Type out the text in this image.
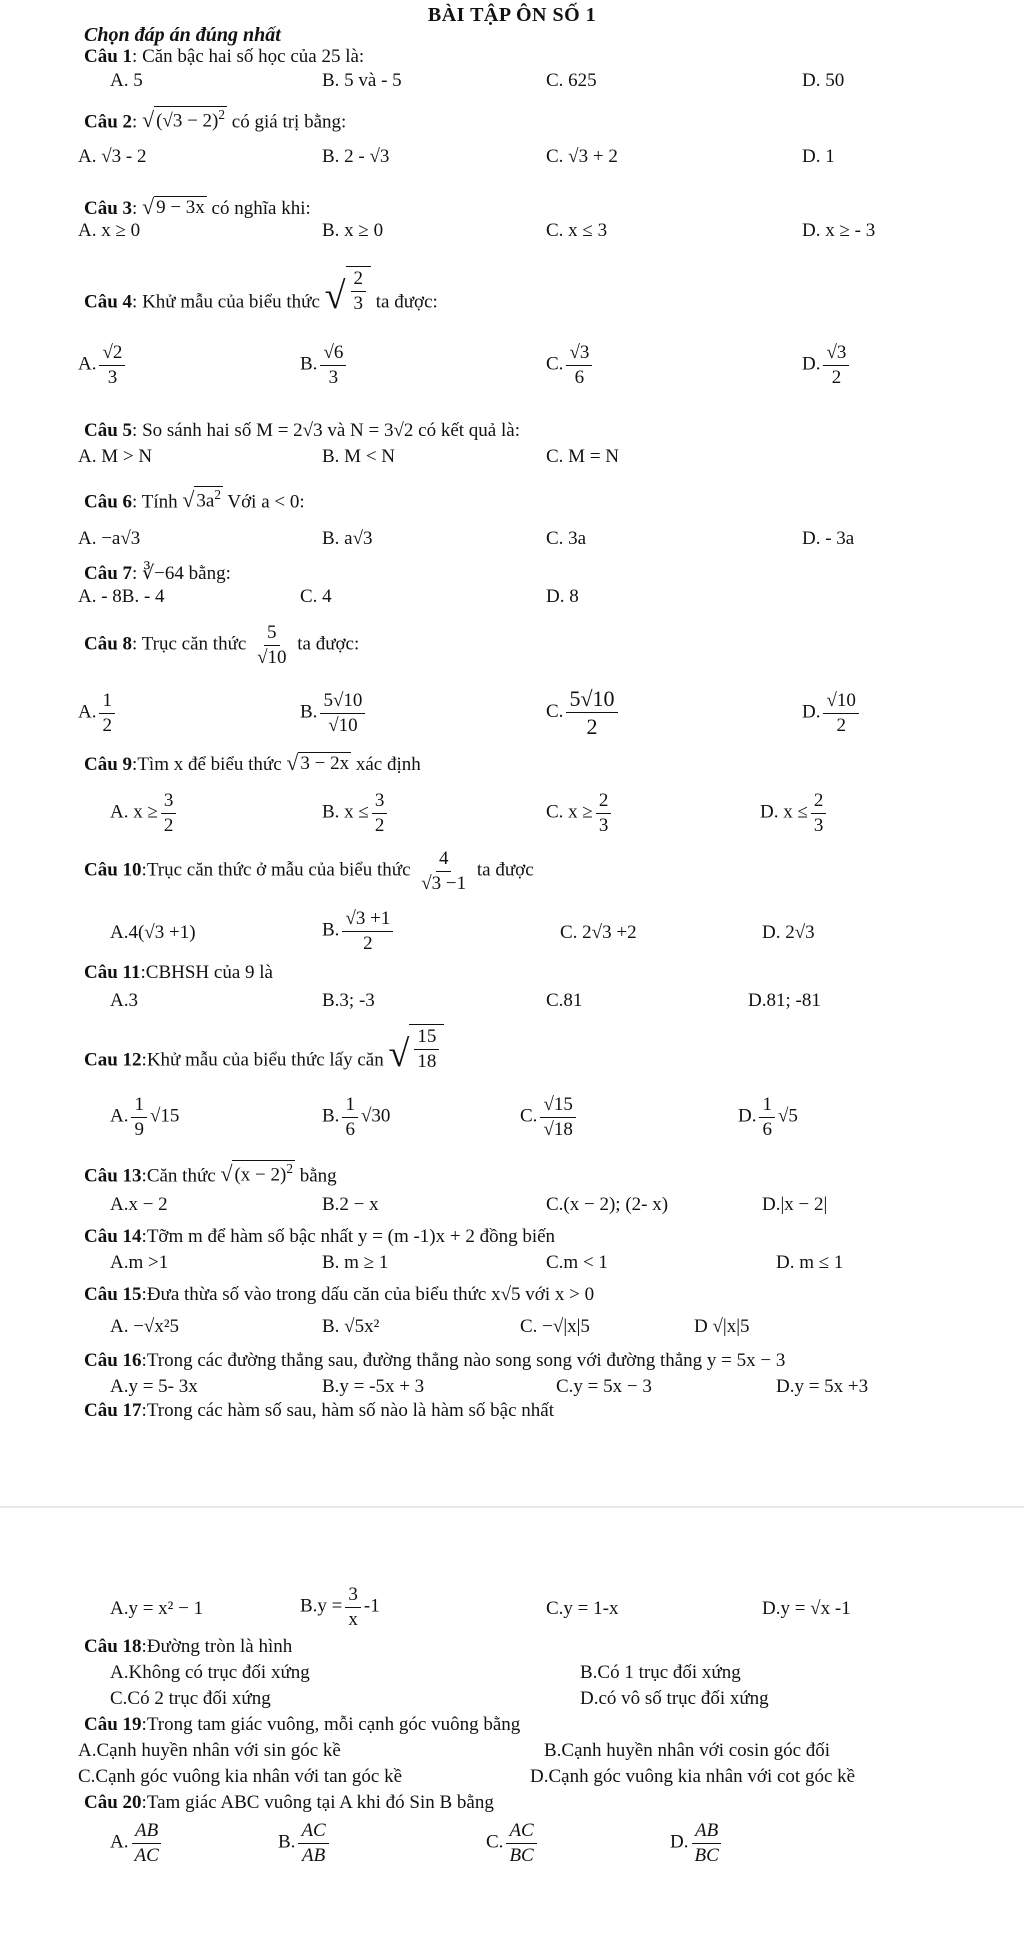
BÀI TẬP ÔN SỐ 1
Chọn đáp án đúng nhất
Câu 1: Căn bậc hai số học của 25 là:
A. 5	B. 5 và - 5	C. 625	D. 50
Câu 2: √ $(√3 - 2)^2$ có giá trị bằng:
A. √3 - 2	B. 2 - √3	C. √3 + 2	D. 1
Câu 3: √ 9 − 3x có nghĩa khi:
A. x ≥ 0	B. x ≥ 0	C. x ≤ 3	D. x ≥ - 3
Câu 4: Khử mẫu của biểu thức √ $\frac{2}{3}$ ta được:
A. $\frac{√2}{3}$	B. $\frac{√6}{3}$	C. $\frac{√3}{6}$	D. $\frac{√3}{2}$
Câu 5: So sánh hai số M = 2√3 và N = 3√2 có kết quả là:
A. M > N	B. M < N	C. M = N
Câu 6: Tính √ $3a^2$ Với a < 0:
A. −a√3	B. a√3	C. 3a	D. - 3a
Câu 7: ∛−64 bằng:
A. - 8B. - 4	C. 4	D. 8
Câu 8: Trục căn thức $\frac{5}{√10}$ ta được:
A. $\frac{1}{2}$	B. $\frac{5√10}{√10}$	C. $\frac{5√10}{2}$	D. $\frac{√10}{2}$
Câu 9:Tìm x để biểu thức √ 3 − 2x xác định
A. $x \ge \frac{3}{2}$	B. $x \le \frac{3}{2}$	C. $x \ge \frac{2}{3}$	D. $x \le \frac{2}{3}$
Câu 10:Trục căn thức ở mẫu của biểu thức $\frac{4}{√3 -1}$ ta được
A.4(√3 +1)	B. $\frac{√3 +1}{2}$	C. 2√3 +2	D. 2√3
Câu 11:CBHSH của 9 là
A.3	B.3; -3	C.81	D.81; -81
Cau 12:Khử mẫu của biểu thức lấy căn √ $\frac{15}{18}$
A. $\frac{1}{9} √15$	B. $\frac{1}{6} √30$	C. $\frac{√15}{√18}$	D. $\frac{1}{6} √5$
Câu 13:Căn thức √ $(x - 2)^2$ bằng
A.x − 2	B.2 − x	C.(x − 2); (2- x)	D.|x − 2|
Câu 14:Tỡm m để hàm số bậc nhất y = (m -1)x + 2 đồng biến
A.m >1	B. m ≥ 1	C.m < 1	D. m ≤ 1
Câu 15:Đưa thừa số vào trong dấu căn của biểu thức x√5 với x > 0
A. −√x²5	B. √5x²	C. −√|x|5	D √|x|5
Câu 16:Trong các đường thẳng sau, đường thẳng nào song song với đường thẳng y = 5x − 3
A.y = 5- 3x	B.y = -5x + 3	C.y = 5x − 3	D.y = 5x +3
Câu 17:Trong các hàm số sau, hàm số nào là hàm số bậc nhất
A.y = x² − 1	$B.y = \frac{3}{x} -1$	C.y = 1-x	D.y = √x -1
Câu 18:Đường tròn là hình
A.Không có trục đối xứng	B.Có 1 trục đối xứng
C.Có 2 trục đối xứng	D.có vô số trục đối xứng
Câu 19:Trong tam giác vuông, mỗi cạnh góc vuông bằng
A.Cạnh huyền nhân với sin góc kề	B.Cạnh huyền nhân với cosin góc đối
C.Cạnh góc vuông kia nhân với tan góc kề	D.Cạnh góc vuông kia nhân với cot góc kề
Câu 20:Tam giác ABC vuông tại A khi đó Sin B bằng
A. $\frac{AB}{AC}$	B. $\frac{AC}{AB}$	C. $\frac{AC}{BC}$	D. $\frac{AB}{BC}$
